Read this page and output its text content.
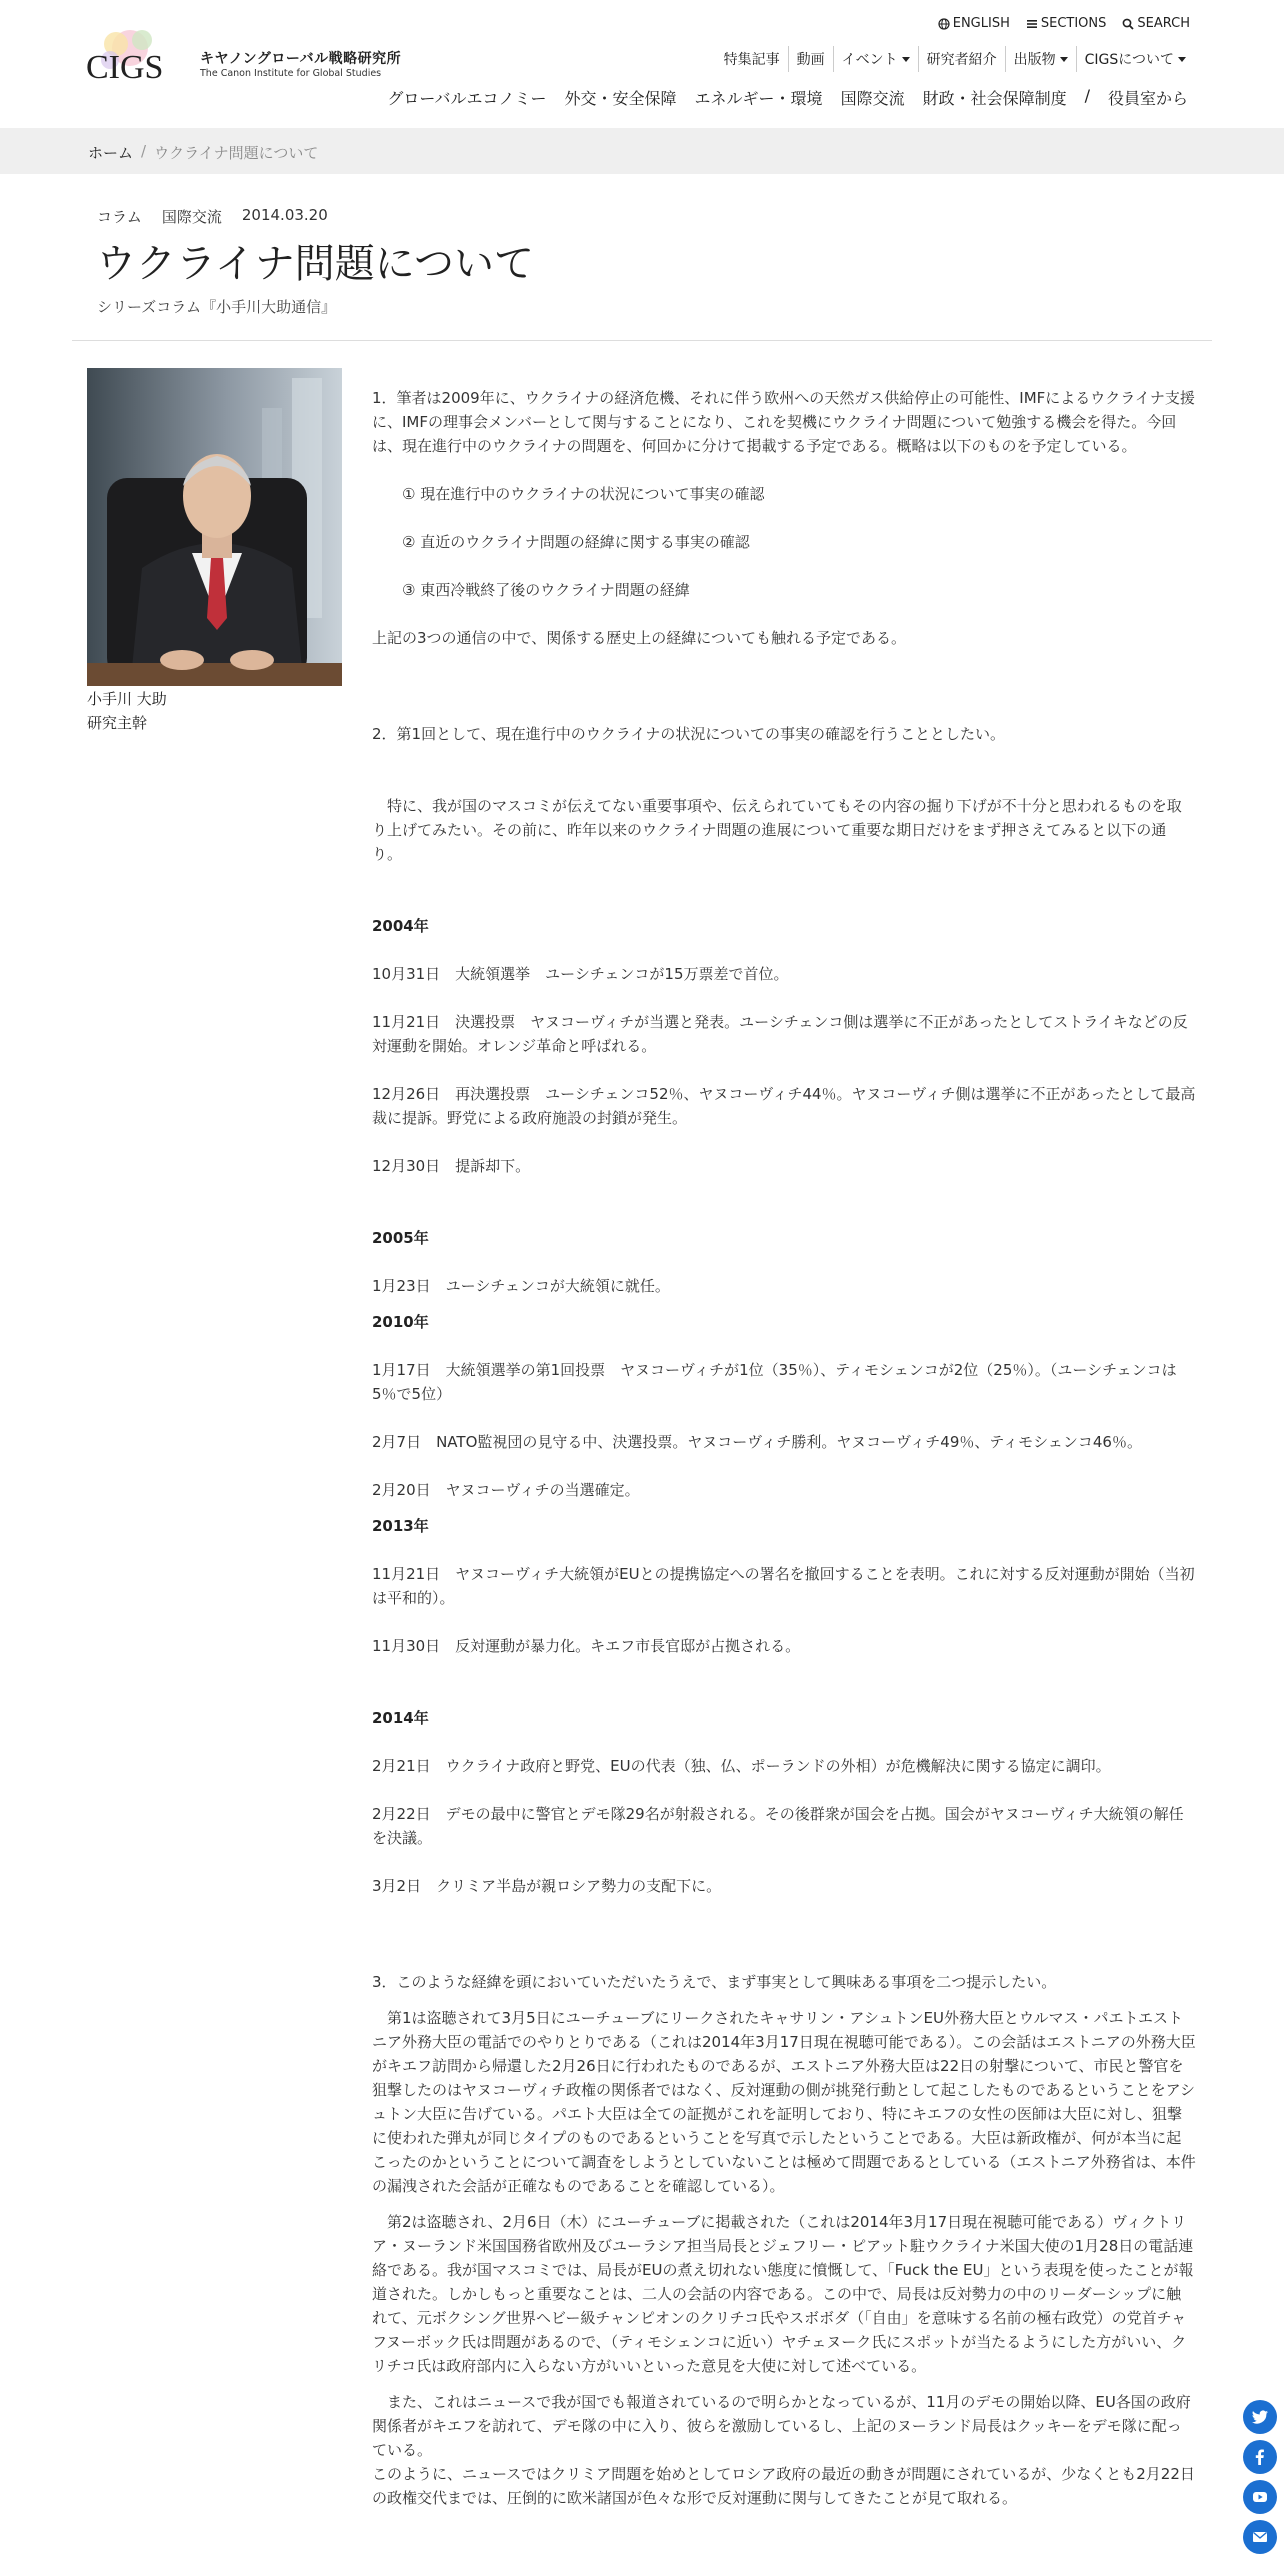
CIGS	キヤノングローバル戦略研究所
The Canon Institute for Global Studies
ENGLISH SECTIONS SEARCH
特集記事 動画 イベント 研究者紹介 出版物 CIGSについて
グローバルエコノミー 外交・安全保障 エネルギー・環境 国際交流 財政・社会保障制度 / 役員室から
ホーム / ウクライナ問題について
コラム 国際交流 2014.03.20
ウクライナ問題について
シリーズコラム『小手川大助通信』
小手川 大助
研究主幹

1．筆者は2009年に、ウクライナの経済危機、それに伴う欧州への天然ガス供給停止の可能性、IMFによるウクライナ支援に、IMFの理事会メンバーとして関与することになり、これを契機にウクライナ問題について勉強する機会を得た。今回は、現在進行中のウクライナの問題を、何回かに分けて掲載する予定である。概略は以下のものを予定している。

① 現在進行中のウクライナの状況について事実の確認

② 直近のウクライナ問題の経緯に関する事実の確認

③ 東西冷戦終了後のウクライナ問題の経緯

上記の3つの通信の中で、関係する歴史上の経緯についても触れる予定である。

2．第1回として、現在進行中のウクライナの状況についての事実の確認を行うこととしたい。

　特に、我が国のマスコミが伝えてない重要事項や、伝えられていてもその内容の掘り下げが不十分と思われるものを取り上げてみたい。その前に、昨年以来のウクライナ問題の進展について重要な期日だけをまず押さえてみると以下の通り。

2004年

10月31日　大統領選挙　ユーシチェンコが15万票差で首位。

11月21日　決選投票　ヤヌコーヴィチが当選と発表。ユーシチェンコ側は選挙に不正があったとしてストライキなどの反対運動を開始。オレンジ革命と呼ばれる。

12月26日　再決選投票　ユーシチェンコ52％、ヤヌコーヴィチ44％。ヤヌコーヴィチ側は選挙に不正があったとして最高裁に提訴。野党による政府施設の封鎖が発生。

12月30日　提訴却下。

2005年

1月23日　ユーシチェンコが大統領に就任。

2010年

1月17日　大統領選挙の第1回投票　ヤヌコーヴィチが1位（35％）、ティモシェンコが2位（25％）。（ユーシチェンコは5％で5位）

2月7日　NATO監視団の見守る中、決選投票。ヤヌコーヴィチ勝利。ヤヌコーヴィチ49％、ティモシェンコ46％。

2月20日　ヤヌコーヴィチの当選確定。

2013年

11月21日　ヤヌコーヴィチ大統領がEUとの提携協定への署名を撤回することを表明。これに対する反対運動が開始（当初は平和的）。

11月30日　反対運動が暴力化。キエフ市長官邸が占拠される。

2014年

2月21日　ウクライナ政府と野党、EUの代表（独、仏、ポーランドの外相）が危機解決に関する協定に調印。

2月22日　デモの最中に警官とデモ隊29名が射殺される。その後群衆が国会を占拠。国会がヤヌコーヴィチ大統領の解任を決議。

3月2日　クリミア半島が親ロシア勢力の支配下に。

3．このような経緯を頭においていただいたうえで、まず事実として興味ある事項を二つ提示したい。

　第1は盗聴されて3月5日にユーチューブにリークされたキャサリン・アシュトンEU外務大臣とウルマス・パエトエストニア外務大臣の電話でのやりとりである（これは2014年3月17日現在視聴可能である）。この会話はエストニアの外務大臣がキエフ訪問から帰還した2月26日に行われたものであるが、エストニア外務大臣は22日の射撃について、市民と警官を狙撃したのはヤヌコーヴィチ政権の関係者ではなく、反対運動の側が挑発行動として起こしたものであるということをアシュトン大臣に告げている。パエト大臣は全ての証拠がこれを証明しており、特にキエフの女性の医師は大臣に対し、狙撃に使われた弾丸が同じタイプのものであるということを写真で示したということである。大臣は新政権が、何が本当に起こったのかということについて調査をしようとしていないことは極めて問題であるとしている（エストニア外務省は、本件の漏洩された会話が正確なものであることを確認している）。

　第2は盗聴され、2月6日（木）にユーチューブに掲載された（これは2014年3月17日現在視聴可能である）ヴィクトリア・ヌーランド米国国務省欧州及びユーラシア担当局長とジェフリー・ピアット駐ウクライナ米国大使の1月28日の電話連絡である。我が国マスコミでは、局長がEUの煮え切れない態度に憤慨して、「Fuck the EU」という表現を使ったことが報道された。しかしもっと重要なことは、二人の会話の内容である。この中で、局長は反対勢力の中のリーダーシップに触れて、元ボクシング世界ヘビー級チャンピオンのクリチコ氏やスボボダ（「自由」を意味する名前の極右政党）の党首チャフヌーボック氏は問題があるので、（ティモシェンコに近い）ヤチェヌーク氏にスポットが当たるようにした方がいい、クリチコ氏は政府部内に入らない方がいいといった意見を大使に対して述べている。

　また、これはニュースで我が国でも報道されているので明らかとなっているが、11月のデモの開始以降、EU各国の政府関係者がキエフを訪れて、デモ隊の中に入り、彼らを激励しているし、上記のヌーランド局長はクッキーをデモ隊に配っている。

このように、ニュースではクリミア問題を始めとしてロシア政府の最近の動きが問題にされているが、少なくとも2月22日の政権交代までは、圧倒的に欧米諸国が色々な形で反対運動に関与してきたことが見て取れる。
